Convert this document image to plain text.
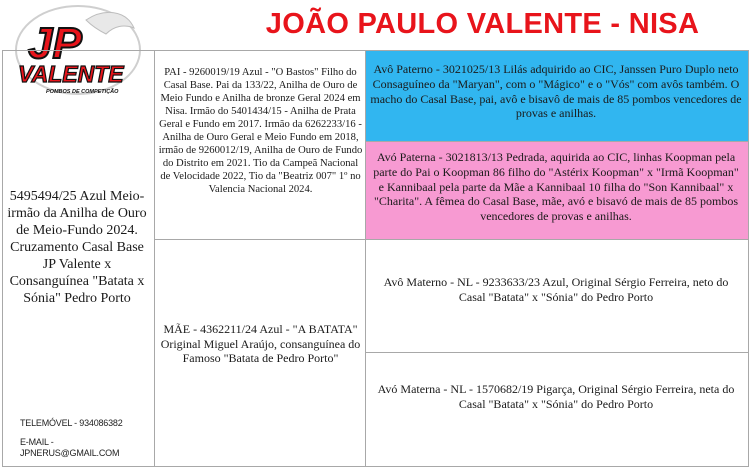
JOÃO PAULO VALENTE - NISA
JP
VALENTE
POMBOS DE COMPETIÇÃO
5495494/25 Azul Meio-irmão da Anilha de Ouro de Meio-Fundo 2024. Cruzamento Casal Base JP Valente x Consanguínea "Batata x Sónia" Pedro Porto
TELEMÓVEL - 934086382
E-MAIL - JPNERUS@GMAIL.COM
PAI - 9260019/19 Azul - "O Bastos" Filho do Casal Base. Pai da 133/22, Anilha de Ouro de Meio Fundo e Anilha de bronze Geral 2024 em Nisa. Irmão do 5401434/15 - Anilha de Prata Geral e Fundo em 2017. Irmão da 6262233/16 - Anilha de Ouro Geral e Meio Fundo em 2018, irmão de 9260012/19, Anilha de Ouro de Fundo do Distrito em 2021. Tio da Campeã Nacional de Velocidade 2022, Tio da "Beatriz 007" 1º no Valencia Nacional 2024.
MÃE - 4362211/24 Azul - "A BATATA" Original Miguel Araújo, consanguínea do Famoso "Batata de Pedro Porto"
Avô Paterno - 3021025/13 Lilás adquirido ao CIC, Janssen Puro Duplo neto Consaguíneo da "Maryan", com o "Mágico" e o "Vós" com avôs também. O macho do Casal Base, pai, avô e bisavô de mais de 85 pombos vencedores de provas e anilhas.
Avó Paterna - 3021813/13 Pedrada, aquirida ao CIC, linhas Koopman pela parte do Pai o Koopman 86 filho do "Astérix Koopman" x "Irmã Koopman" e Kannibaal pela parte da Mãe a Kannibaal 10 filha do "Son Kannibaal" x "Charita". A fêmea do Casal Base, mãe, avó e bisavó de mais de 85 pombos vencedores de provas e anilhas.
Avô Materno - NL - 9233633/23 Azul, Original Sérgio Ferreira, neto do Casal "Batata" x "Sónia" do Pedro Porto
Avó Materna - NL - 1570682/19 Pigarça, Original Sérgio Ferreira, neta do Casal "Batata" x "Sónia" do Pedro Porto
